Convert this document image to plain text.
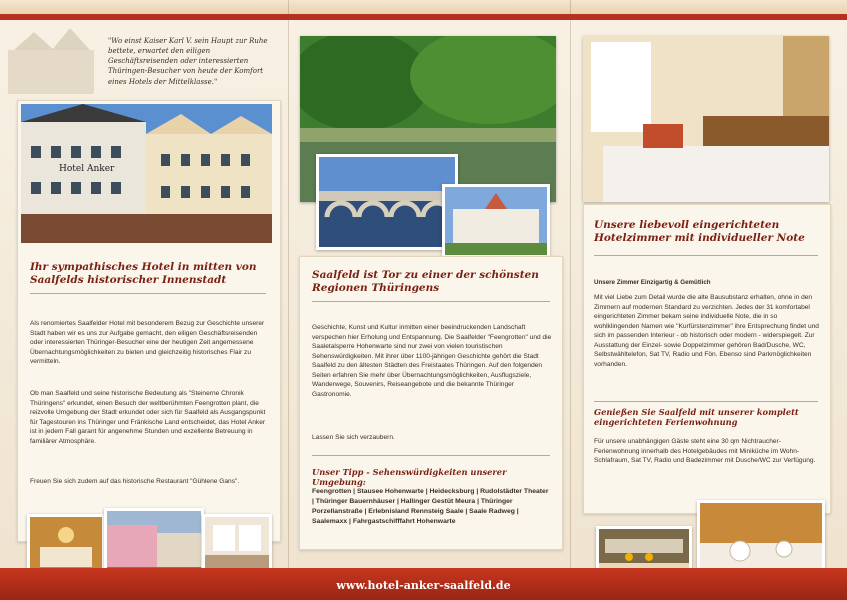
"Wo einst Kaiser Karl V. sein Haupt zur Ruhe bettete, erwartet den eiligen Geschäftsreisenden oder interessierten Thüringen-Besucher von heute der Komfort eines Hotels der Mittelklasse."
Hotel Anker
Ihr sympathisches Hotel in mitten von Saalfelds historischer Innenstadt
Als renomiertes Saalfelder Hotel mit besonderem Bezug zur Geschichte unserer Stadt haben wir es uns zur Aufgabe gemacht, den eiligen Geschäftsreisenden oder interessierten Thüringer-Besucher eine der heutigen Zeit angemessene Übernachtungsmöglichkeiten zu bieten und gleichzeitig historisches Flair zu vermitteln.
Ob man Saalfeld und seine historische Bedeutung als "Steinerne Chronik Thüringens" erkundet, einen Besuch der weltberühmten Feengrotten plant, die reizvolle Umgebung der Stadt erkundet oder sich für Saalfeld als Ausgangspunkt für Tagestouren ins Thüringer und Fränkische Land entscheidet, das Hotel Anker ist in jedem Fall garant für angenehme Stunden und exzellente Betreuung in familiärer Atmosphäre.
Freuen Sie sich zudem auf das historische Restaurant "Gühlene Gans".
Saalfeld ist Tor zu einer der schönsten Regionen Thüringens
Geschichte, Kunst und Kultur inmitten einer beeindruckenden Landschaft verspechen hier Erholung und Entspannung. Die Saalfelder "Feengrotten" und die Saaletalsperre Hohenwarte sind nur zwei von vielen touristischen Sehenswürdigkeiten. Mit ihrer über 1100-jährigen Geschichte gehört die Stadt Saalfeld zu den ältesten Städten des Freistaates Thüringen. Auf den folgenden Seiten erfahren Sie mehr über Übernachtungsmöglichkeiten, Ausflugsziele, Wanderwege, Souvenirs, Reiseangebote und die bekannte Thüringer Gastronomie.
Lassen Sie sich verzaubern.
Unser Tipp - Sehenswürdigkeiten unserer Umgebung:
Feengrotten | Stausee Hohenwarte | Heidecksburg | Rudolstädter Theater | Thüringer Bauernhäuser | Hallinger Gestüt Meura | Thüringer Porzellanstraße | Erlebnisland Rennsteig Saale | Saale Radweg | Saalemaxx | Fahrgastschifffahrt Hohenwarte
Unsere liebevoll eingerichteten Hotelzimmer mit individueller Note
Unsere Zimmer Einzigartig & Gemütlich
Mit viel Liebe zum Detail wurde die alte Bausubstanz erhalten, ohne in den Zimmern auf modernen Standard zu verzichten. Jedes der 31 komfortabel eingerichteten Zimmer bekam seine individuelle Note, die in so wohlklingenden Namen wie "Kurfürstenzimmer" ihre Entsprechung findet und sich im passenden Interieur - ob historisch oder modern - widerspiegelt. Zur Ausstattung der Einzel- sowie Doppelzimmer gehören Bad/Dusche, WC, Selbstwähltelefon, Sat TV, Radio und Fön. Ebenso sind Parkmöglichkeiten vorhanden.
Genießen Sie Saalfeld mit unserer komplett eingerichteten Ferienwohnung
Für unsere unabhängigen Gäste steht eine 30 qm Nichtraucher-Ferienwohnung innerhalb des Hotelgebäudes mit Miniküche im Wohn-Schlafraum, Sat TV, Radio und Badezimmer mit Dusche/WC zur Verfügung.
www.hotel-anker-saalfeld.de
